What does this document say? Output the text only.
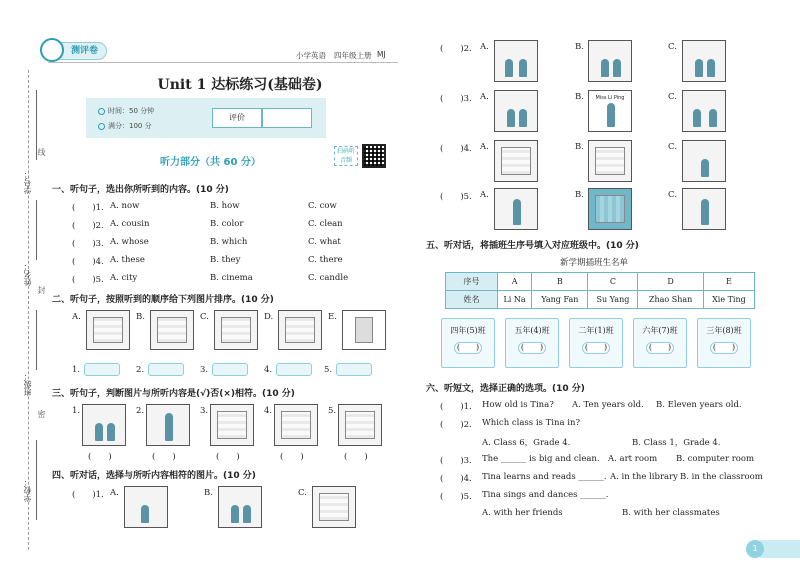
学号：
线
姓名：
封
班级：
密
学校：
测评卷	小学英语 四年级上册 MJ
Unit 1 达标练习(基础卷)
时间：50 分钟
满分：100 分
评价
听力部分（共 60 分）
扫码听音频
一、听句子，选出你所听到的内容。(10 分)
(　　)1. A. now	B. how	C. cow
(　　)2. A. cousin	B. color	C. clean
(　　)3. A. whose	B. which	C. what
(　　)4. A. these	B. they	C. there
(　　)5. A. city	B. cinema	C. candle
二、听句子，按照听到的顺序给下列图片排序。(10 分)
A.	B.	C.	D.	E.
1.	2.	3.	4.	5.
三、听句子，判断图片与所听内容是(√)否(×)相符。(10 分)
1.	2.	3.	4.	5.
(　　)	(　　)	(　　)	(　　)	(　　)
四、听对话，选择与所听内容相符的图片。(10 分)
(　　)1. A.	B.	C.
(　　)2. A.	B.	C.
(　　)3. A.	B.	Miss Li Ping	C.
(　　)4. A.	B.	C.
(　　)5. A.	B.	C.
五、听对话，将插班生序号填入对应班级中。(10 分)
新学期插班生名单
序号	A	B	C	D	E
姓名	Li Na	Yang Fan	Su Yang	Zhao Shan	Xie Ting
四年(5)班
(　　)
五年(4)班
(　　)
二年(1)班
(　　)
六年(7)班
(　　)
三年(8)班
(　　)
六、听短文，选择正确的选项。(10 分)
(　　)1. How old is Tina? A. Ten years old. B. Eleven years old.
(　　)2. Which class is Tina in?
A. Class 6，Grade 4.	B. Class 1，Grade 4.
(　　)3. The ______ is big and clean. A. art room B. computer room
(　　)4. Tina learns and reads ______. A. in the library B. in the classroom
(　　)5. Tina sings and dances ______.
A. with her friends	B. with her classmates
1
